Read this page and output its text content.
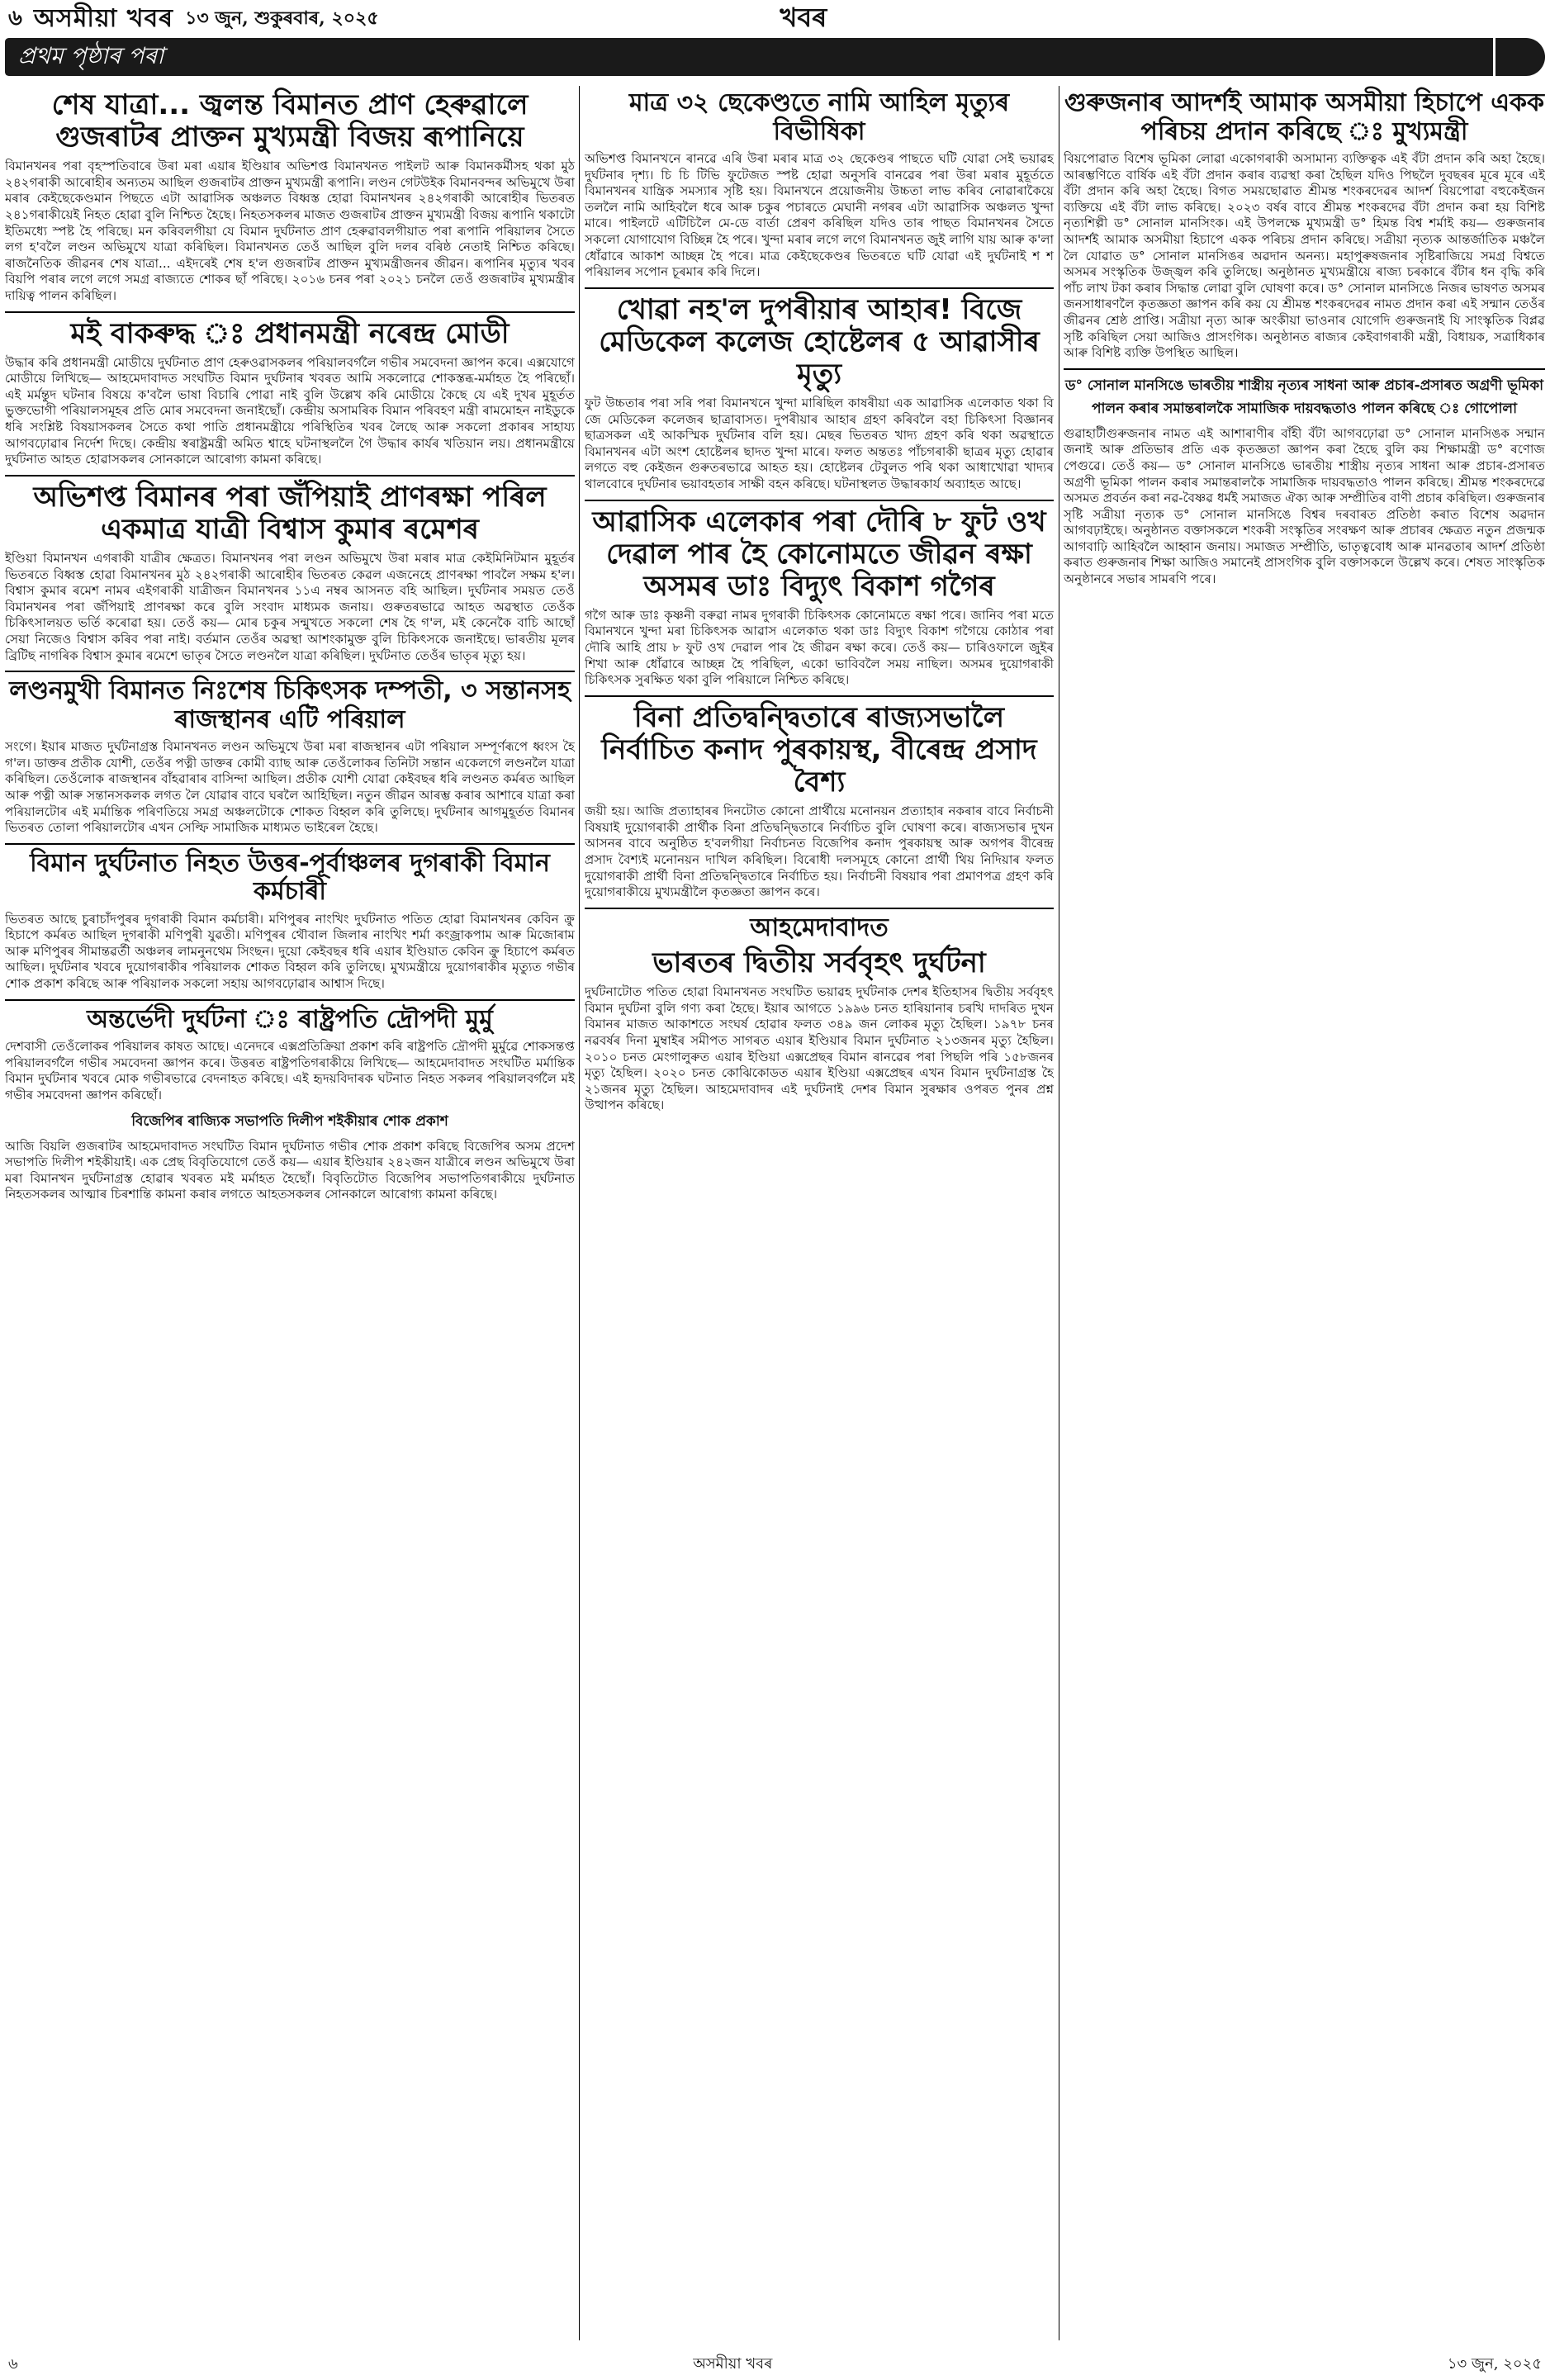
৬ অসমীয়া খবৰ ১৩ জুন, শুকুৰবাৰ, ২০২৫	খবৰ
প্ৰথম পৃষ্ঠাৰ পৰা
শেষ যাত্ৰা... জ্বলন্ত বিমানত প্ৰাণ হেৰুৱালে গুজৰাটৰ প্ৰাক্তন মুখ্যমন্ত্ৰী বিজয় ৰূপানিয়ে

বিমানখনৰ পৰা বৃহস্পতিবাৰে উৰা মৰা এয়াৰ ইণ্ডিয়াৰ অভিশপ্ত বিমানখনত পাইলট আৰু বিমানকৰ্মীসহ থকা মুঠ ২৪২গৰাকী আৰোহীৰ অন্যতম আছিল গুজৰাটৰ প্ৰাক্তন মুখ্যমন্ত্ৰী ৰূপানি। লণ্ডন গেটউইক বিমানবন্দৰ অভিমুখে উৰা মৰাৰ কেইছেকেণ্ডমান পিছতে এটা আৱাসিক অঞ্চলত বিধ্বস্ত হোৱা বিমানখনৰ ২৪২গৰাকী আৰোহীৰ ভিতৰত ২৪১গৰাকীয়েই নিহত হোৱা বুলি নিশ্চিত হৈছে। নিহতসকলৰ মাজত গুজৰাটৰ প্ৰাক্তন মুখ্যমন্ত্ৰী বিজয় ৰূপানি থকাটো ইতিমধ্যে স্পষ্ট হৈ পৰিছে। মন কৰিবলগীয়া যে বিমান দুৰ্ঘটনাত প্ৰাণ হেৰুৱাবলগীয়াত পৰা ৰূপানি পৰিয়ালৰ সৈতে লগ হ'বলৈ লণ্ডন অভিমুখে যাত্ৰা কৰিছিল। বিমানখনত তেওঁ আছিল বুলি দলৰ বৰিষ্ঠ নেতাই নিশ্চিত কৰিছে। ৰাজনৈতিক জীৱনৰ শেষ যাত্ৰা... এইদৰেই শেষ হ'ল গুজৰাটৰ প্ৰাক্তন মুখ্যমন্ত্ৰীজনৰ জীৱন। ৰূপানিৰ মৃত্যুৰ খবৰ বিয়পি পৰাৰ লগে লগে সমগ্ৰ ৰাজ্যতে শোকৰ ছাঁ পৰিছে। ২০১৬ চনৰ পৰা ২০২১ চনলৈ তেওঁ গুজৰাটৰ মুখ্যমন্ত্ৰীৰ দায়িত্ব পালন কৰিছিল।

মই বাকৰুদ্ধ ঃ প্ৰধানমন্ত্ৰী নৰেন্দ্ৰ মোডী

উদ্ধাৰ কৰি প্ৰধানমন্ত্ৰী মোডীয়ে দুৰ্ঘটনাত প্ৰাণ হেৰুওৱাসকলৰ পৰিয়ালবৰ্গলৈ গভীৰ সমবেদনা জ্ঞাপন কৰে। এক্সযোগে মোডীয়ে লিখিছে— আহমেদাবাদত সংঘটিত বিমান দুৰ্ঘটনাৰ খবৰত আমি সকলোৱে শোকস্তব্ধ-মৰ্মাহত হৈ পৰিছোঁ। এই মৰ্মন্তুদ ঘটনাৰ বিষয়ে ক'বলৈ ভাষা বিচাৰি পোৱা নাই বুলি উল্লেখ কৰি মোডীয়ে কৈছে যে এই দুখৰ মুহূৰ্তত ভুক্তভোগী পৰিয়ালসমূহৰ প্ৰতি মোৰ সমবেদনা জনাইছোঁ। কেন্দ্ৰীয় অসামৰিক বিমান পৰিবহণ মন্ত্ৰী ৰামমোহন নাইডুকে ধৰি সংশ্লিষ্ট বিষয়াসকলৰ সৈতে কথা পাতি প্ৰধানমন্ত্ৰীয়ে পৰিস্থিতিৰ খবৰ লৈছে আৰু সকলো প্ৰকাৰৰ সাহায্য আগবঢ়োৱাৰ নিৰ্দেশ দিছে। কেন্দ্ৰীয় স্বৰাষ্ট্ৰমন্ত্ৰী অমিত শ্বাহে ঘটনাস্থললৈ গৈ উদ্ধাৰ কাৰ্যৰ খতিয়ান লয়। প্ৰধানমন্ত্ৰীয়ে দুৰ্ঘটনাত আহত হোৱাসকলৰ সোনকালে আৰোগ্য কামনা কৰিছে।

অভিশপ্ত বিমানৰ পৰা জঁপিয়াই প্ৰাণৰক্ষা পৰিল একমাত্ৰ যাত্ৰী বিশ্বাস কুমাৰ ৰমেশৰ

ইণ্ডিয়া বিমানখন এগৰাকী যাত্ৰীৰ ক্ষেত্ৰত। বিমানখনৰ পৰা লণ্ডন অভিমুখে উৰা মৰাৰ মাত্ৰ কেইমিনিটমান মুহূৰ্তৰ ভিতৰতে বিধ্বস্ত হোৱা বিমানখনৰ মুঠ ২৪২গৰাকী আৰোহীৰ ভিতৰত কেৱল এজনেহে প্ৰাণৰক্ষা পাবলৈ সক্ষম হ'ল। বিশ্বাস কুমাৰ ৰমেশ নামৰ এইগৰাকী যাত্ৰীজন বিমানখনৰ ১১এ নম্বৰ আসনত বহি আছিল। দুৰ্ঘটনাৰ সময়ত তেওঁ বিমানখনৰ পৰা জঁপিয়াই প্ৰাণৰক্ষা কৰে বুলি সংবাদ মাধ্যমক জনায়। গুৰুতৰভাৱে আহত অৱস্থাত তেওঁক চিকিৎসালয়ত ভৰ্তি কৰোৱা হয়। তেওঁ কয়— মোৰ চকুৰ সন্মুখতে সকলো শেষ হৈ গ'ল, মই কেনেকৈ বাচি আছোঁ সেয়া নিজেও বিশ্বাস কৰিব পৰা নাই। বৰ্তমান তেওঁৰ অৱস্থা আশংকামুক্ত বুলি চিকিৎসকে জনাইছে। ভাৰতীয় মূলৰ ব্ৰিটিছ নাগৰিক বিশ্বাস কুমাৰ ৰমেশে ভাতৃৰ সৈতে লণ্ডনলৈ যাত্ৰা কৰিছিল। দুৰ্ঘটনাত তেওঁৰ ভাতৃৰ মৃত্যু হয়।

লণ্ডনমুখী বিমানত নিঃশেষ চিকিৎসক দম্পতী, ৩ সন্তানসহ ৰাজস্থানৰ এটি পৰিয়াল

সংগে। ইয়াৰ মাজত দুৰ্ঘটনাগ্ৰস্ত বিমানখনত লণ্ডন অভিমুখে উৰা মৰা ৰাজস্থানৰ এটা পৰিয়াল সম্পূৰ্ণৰূপে ধ্বংস হৈ গ'ল। ডাক্তৰ প্ৰতীক যোশী, তেওঁৰ পত্নী ডাক্তৰ কোমী ব্যাছ আৰু তেওঁলোকৰ তিনিটা সন্তান একেলগে লণ্ডনলৈ যাত্ৰা কৰিছিল। তেওঁলোক ৰাজস্থানৰ বাঁহৱাৰাৰ বাসিন্দা আছিল। প্ৰতীক যোশী যোৱা কেইবছৰ ধৰি লণ্ডনত কৰ্মৰত আছিল আৰু পত্নী আৰু সন্তানসকলক লগত লৈ যোৱাৰ বাবে ঘৰলৈ আহিছিল। নতুন জীৱন আৰম্ভ কৰাৰ আশাৰে যাত্ৰা কৰা পৰিয়ালটোৰ এই মৰ্মান্তিক পৰিণতিয়ে সমগ্ৰ অঞ্চলটোকে শোকত বিহ্বল কৰি তুলিছে। দুৰ্ঘটনাৰ আগমুহূৰ্তত বিমানৰ ভিতৰত তোলা পৰিয়ালটোৰ এখন সেল্ফি সামাজিক মাধ্যমত ভাইৰেল হৈছে।

বিমান দুৰ্ঘটনাত নিহত উত্তৰ-পূৰ্বাঞ্চলৰ দুগৰাকী বিমান কৰ্মচাৰী

ভিতৰত আছে চুৰাচাঁদপুৰৰ দুগৰাকী বিমান কৰ্মচাৰী। মণিপুৰৰ নাংখিং দুৰ্ঘটনাত পতিত হোৱা বিমানখনৰ কেবিন ক্ৰু হিচাপে কৰ্মৰত আছিল দুগৰাকী মণিপুৰী যুৱতী। মণিপুৰৰ থৌবাল জিলাৰ নাংখিং শৰ্মা কংজ্ৰাকপাম আৰু মিজোৰাম আৰু মণিপুৰৰ সীমান্তৱৰ্তী অঞ্চলৰ লামনুনথেম সিংছন। দুয়ো কেইবছৰ ধৰি এয়াৰ ইণ্ডিয়াত কেবিন ক্ৰু হিচাপে কৰ্মৰত আছিল। দুৰ্ঘটনাৰ খবৰে দুয়োগৰাকীৰ পৰিয়ালক শোকত বিহ্বল কৰি তুলিছে। মুখ্যমন্ত্ৰীয়ে দুয়োগৰাকীৰ মৃত্যুত গভীৰ শোক প্ৰকাশ কৰিছে আৰু পৰিয়ালক সকলো সহায় আগবঢ়োৱাৰ আশ্বাস দিছে।

অন্তৰ্ভেদী দুৰ্ঘটনা ঃ ৰাষ্ট্ৰপতি দ্ৰৌপদী মুৰ্মু

দেশবাসী তেওঁলোকৰ পৰিয়ালৰ কাষত আছে। এনেদৰে এক্সপ্ৰতিক্ৰিয়া প্ৰকাশ কৰি ৰাষ্ট্ৰপতি দ্ৰৌপদী মুৰ্মুৱে শোকসন্তপ্ত পৰিয়ালবৰ্গলৈ গভীৰ সমবেদনা জ্ঞাপন কৰে। উত্তৰত ৰাষ্ট্ৰপতিগৰাকীয়ে লিখিছে— আহমেদাবাদত সংঘটিত মৰ্মান্তিক বিমান দুৰ্ঘটনাৰ খবৰে মোক গভীৰভাৱে বেদনাহত কৰিছে। এই হৃদয়বিদাৰক ঘটনাত নিহত সকলৰ পৰিয়ালবৰ্গলৈ মই গভীৰ সমবেদনা জ্ঞাপন কৰিছোঁ।

বিজেপিৰ ৰাজ্যিক সভাপতি দিলীপ শইকীয়াৰ শোক প্ৰকাশ

আজি বিয়লি গুজৰাটৰ আহমেদাবাদত সংঘটিত বিমান দুৰ্ঘটনাত গভীৰ শোক প্ৰকাশ কৰিছে বিজেপিৰ অসম প্ৰদেশ সভাপতি দিলীপ শইকীয়াই। এক প্ৰেছ বিবৃতিযোগে তেওঁ কয়— এয়াৰ ইণ্ডিয়াৰ ২৪২জন যাত্ৰীৰে লণ্ডন অভিমুখে উৰা মৰা বিমানখন দুৰ্ঘটনাগ্ৰস্ত হোৱাৰ খবৰত মই মৰ্মাহত হৈছোঁ। বিবৃতিটোত বিজেপিৰ সভাপতিগৰাকীয়ে দুৰ্ঘটনাত নিহতসকলৰ আত্মাৰ চিৰশান্তি কামনা কৰাৰ লগতে আহতসকলৰ সোনকালে আৰোগ্য কামনা কৰিছে।

মাত্ৰ ৩২ ছেকেণ্ডতে নামি আহিল মৃত্যুৰ বিভীষিকা

অভিশপ্ত বিমানখনে ৰানৱে এৰি উৰা মৰাৰ মাত্ৰ ৩২ ছেকেণ্ডৰ পাছতে ঘটি যোৱা সেই ভয়াৱহ দুৰ্ঘটনাৰ দৃশ্য। চি চি টিভি ফুটেজত স্পষ্ট হোৱা অনুসৰি বানৱেৰ পৰা উৰা মৰাৰ মুহূৰ্ততে বিমানখনৰ যান্ত্ৰিক সমস্যাৰ সৃষ্টি হয়। বিমানখনে প্ৰয়োজনীয় উচ্চতা লাভ কৰিব নোৱাৰাকৈয়ে তললৈ নামি আহিবলৈ ধৰে আৰু চকুৰ পচাৰতে মেঘানী নগৰৰ এটা আৱাসিক অঞ্চলত খুন্দা মাৰে। পাইলটে এটিচিলৈ মে-ডে বাৰ্তা প্ৰেৰণ কৰিছিল যদিও তাৰ পাছত বিমানখনৰ সৈতে সকলো যোগাযোগ বিচ্ছিন্ন হৈ পৰে। খুন্দা মৰাৰ লগে লগে বিমানখনত জুই লাগি যায় আৰু ক'লা ধোঁৱাৰে আকাশ আচ্ছন্ন হৈ পৰে। মাত্ৰ কেইছেকেণ্ডৰ ভিতৰতে ঘটি যোৱা এই দুৰ্ঘটনাই শ শ পৰিয়ালৰ সপোন চূৰমাৰ কৰি দিলে।

খোৱা নহ'ল দুপৰীয়াৰ আহাৰ! বিজে মেডিকেল কলেজ হোষ্টেলৰ ৫ আৱাসীৰ মৃত্যু

ফুট উচ্চতাৰ পৰা সৰি পৰা বিমানখনে খুন্দা মাৰিছিল কাষৰীয়া এক আৱাসিক এলেকাত থকা বি জে মেডিকেল কলেজৰ ছাত্ৰাবাসত। দুপৰীয়াৰ আহাৰ গ্ৰহণ কৰিবলৈ বহা চিকিৎসা বিজ্ঞানৰ ছাত্ৰসকল এই আকস্মিক দুৰ্ঘটনাৰ বলি হয়। মেছৰ ভিতৰত খাদ্য গ্ৰহণ কৰি থকা অৱস্থাতে বিমানখনৰ এটা অংশ হোষ্টেলৰ ছাদত খুন্দা মাৰে। ফলত অন্ততঃ পাঁচগৰাকী ছাত্ৰৰ মৃত্যু হোৱাৰ লগতে বহু কেইজন গুৰুতৰভাৱে আহত হয়। হোষ্টেলৰ টেবুলত পৰি থকা আধাখোৱা খাদ্যৰ থালবোৰে দুৰ্ঘটনাৰ ভয়াবহতাৰ সাক্ষী বহন কৰিছে। ঘটনাস্থলত উদ্ধাৰকাৰ্য অব্যাহত আছে।

আৱাসিক এলেকাৰ পৰা দৌৰি ৮ ফুট ওখ দেৱাল পাৰ হৈ কোনোমতে জীৱন ৰক্ষা অসমৰ ডাঃ বিদ্যুৎ বিকাশ গগৈৰ

গগৈ আৰু ডাঃ কৃষ্ণনী বৰুৱা নামৰ দুগৰাকী চিকিৎসক কোনোমতে ৰক্ষা পৰে। জানিব পৰা মতে বিমানখনে খুন্দা মৰা চিকিৎসক আৱাস এলেকাত থকা ডাঃ বিদ্যুৎ বিকাশ গগৈয়ে কোঠাৰ পৰা দৌৰি আহি প্ৰায় ৮ ফুট ওখ দেৱাল পাৰ হৈ জীৱন ৰক্ষা কৰে। তেওঁ কয়— চাৰিওফালে জুইৰ শিখা আৰু ধোঁৱাৰে আচ্ছন্ন হৈ পৰিছিল, একো ভাবিবলৈ সময় নাছিল। অসমৰ দুয়োগৰাকী চিকিৎসক সুৰক্ষিত থকা বুলি পৰিয়ালে নিশ্চিত কৰিছে।

বিনা প্ৰতিদ্বন্দ্বিতাৰে ৰাজ্যসভালৈ নিৰ্বাচিত কনাদ পুৰকায়স্থ, বীৰেন্দ্ৰ প্ৰসাদ বৈশ্য

জয়ী হয়। আজি প্ৰত্যাহাৰৰ দিনটোত কোনো প্ৰাৰ্থীয়ে মনোনয়ন প্ৰত্যাহাৰ নকৰাৰ বাবে নিৰ্বাচনী বিষয়াই দুয়োগৰাকী প্ৰাৰ্থীক বিনা প্ৰতিদ্বন্দ্বিতাৰে নিৰ্বাচিত বুলি ঘোষণা কৰে। ৰাজ্যসভাৰ দুখন আসনৰ বাবে অনুষ্ঠিত হ'বলগীয়া নিৰ্বাচনত বিজেপিৰ কনাদ পুৰকায়স্থ আৰু অগপৰ বীৰেন্দ্ৰ প্ৰসাদ বৈশ্যই মনোনয়ন দাখিল কৰিছিল। বিৰোধী দলসমূহে কোনো প্ৰাৰ্থী থিয় নিদিয়াৰ ফলত দুয়োগৰাকী প্ৰাৰ্থী বিনা প্ৰতিদ্বন্দ্বিতাৰে নিৰ্বাচিত হয়। নিৰ্বাচনী বিষয়াৰ পৰা প্ৰমাণপত্ৰ গ্ৰহণ কৰি দুয়োগৰাকীয়ে মুখ্যমন্ত্ৰীলৈ কৃতজ্ঞতা জ্ঞাপন কৰে।

আহমেদাবাদত
ভাৰতৰ দ্বিতীয় সৰ্ববৃহৎ দুৰ্ঘটনা

দুৰ্ঘটনাটোত পতিত হোৱা বিমানখনত সংঘটিত ভয়াৱহ দুৰ্ঘটনাক দেশৰ ইতিহাসৰ দ্বিতীয় সৰ্ববৃহৎ বিমান দুৰ্ঘটনা বুলি গণ্য কৰা হৈছে। ইয়াৰ আগতে ১৯৯৬ চনত হাৰিয়ানাৰ চৰখি দাদৰিত দুখন বিমানৰ মাজত আকাশতে সংঘৰ্ষ হোৱাৰ ফলত ৩৪৯ জন লোকৰ মৃত্যু হৈছিল। ১৯৭৮ চনৰ নৱবৰ্ষৰ দিনা মুম্বাইৰ সমীপত সাগৰত এয়াৰ ইণ্ডিয়াৰ বিমান দুৰ্ঘটনাত ২১৩জনৰ মৃত্যু হৈছিল। ২০১০ চনত মেংগালুৰুত এয়াৰ ইণ্ডিয়া এক্সপ্ৰেছৰ বিমান ৰানৱেৰ পৰা পিছলি পৰি ১৫৮জনৰ মৃত্যু হৈছিল। ২০২০ চনত কোঝিকোডত এয়াৰ ইণ্ডিয়া এক্সপ্ৰেছৰ এখন বিমান দুৰ্ঘটনাগ্ৰস্ত হৈ ২১জনৰ মৃত্যু হৈছিল। আহমেদাবাদৰ এই দুৰ্ঘটনাই দেশৰ বিমান সুৰক্ষাৰ ওপৰত পুনৰ প্ৰশ্ন উত্থাপন কৰিছে।

গুৰুজনাৰ আদৰ্শই আমাক অসমীয়া হিচাপে একক পৰিচয় প্ৰদান কৰিছে ঃ মুখ্যমন্ত্ৰী

বিয়পোৱাত বিশেষ ভূমিকা লোৱা একোগৰাকী অসামান্য ব্যক্তিত্বক এই বঁটা প্ৰদান কৰি অহা হৈছে। আৰম্ভণিতে বাৰ্ষিক এই বঁটা প্ৰদান কৰাৰ ব্যৱস্থা কৰা হৈছিল যদিও পিছলৈ দুবছৰৰ মূৰে মূৰে এই বঁটা প্ৰদান কৰি অহা হৈছে। বিগত সময়ছোৱাত শ্ৰীমন্ত শংকৰদেৱৰ আদৰ্শ বিয়পোৱা বহুকেইজন ব্যক্তিয়ে এই বঁটা লাভ কৰিছে। ২০২৩ বৰ্ষৰ বাবে শ্ৰীমন্ত শংকৰদেৱ বঁটা প্ৰদান কৰা হয় বিশিষ্ট নৃত্যশিল্পী ড° সোনাল মানসিংক। এই উপলক্ষে মুখ্যমন্ত্ৰী ড° হিমন্ত বিশ্ব শৰ্মাই কয়— গুৰুজনাৰ আদৰ্শই আমাক অসমীয়া হিচাপে একক পৰিচয় প্ৰদান কৰিছে। সত্ৰীয়া নৃত্যক আন্তৰ্জাতিক মঞ্চলৈ লৈ যোৱাত ড° সোনাল মানসিঙৰ অৱদান অনন্য। মহাপুৰুষজনাৰ সৃষ্টিৰাজিয়ে সমগ্ৰ বিশ্বতে অসমৰ সংস্কৃতিক উজ্জ্বল কৰি তুলিছে। অনুষ্ঠানত মুখ্যমন্ত্ৰীয়ে ৰাজ্য চৰকাৰে বঁটাৰ ধন বৃদ্ধি কৰি পাঁচ লাখ টকা কৰাৰ সিদ্ধান্ত লোৱা বুলি ঘোষণা কৰে। ড° সোনাল মানসিঙে নিজৰ ভাষণত অসমৰ জনসাধাৰণলৈ কৃতজ্ঞতা জ্ঞাপন কৰি কয় যে শ্ৰীমন্ত শংকৰদেৱৰ নামত প্ৰদান কৰা এই সন্মান তেওঁৰ জীৱনৰ শ্ৰেষ্ঠ প্ৰাপ্তি। সত্ৰীয়া নৃত্য আৰু অংকীয়া ভাওনাৰ যোগেদি গুৰুজনাই যি সাংস্কৃতিক বিপ্লৱ সৃষ্টি কৰিছিল সেয়া আজিও প্ৰাসংগিক। অনুষ্ঠানত ৰাজ্যৰ কেইবাগৰাকী মন্ত্ৰী, বিধায়ক, সত্ৰাধিকাৰ আৰু বিশিষ্ট ব্যক্তি উপস্থিত আছিল।

ড° সোনাল মানসিঙে ভাৰতীয় শাস্ত্ৰীয় নৃত্যৰ সাধনা আৰু প্ৰচাৰ-প্ৰসাৰত অগ্ৰণী ভূমিকা পালন কৰাৰ সমান্তৰালকৈ সামাজিক দায়বদ্ধতাও পালন কৰিছে ঃ গোপোলা

গুৱাহাটীগুৰুজনাৰ নামত এই আশাৰাণীৰ বাঁহী বঁটা আগবঢ়োৱা ড° সোনাল মানসিঙক সন্মান জনাই আৰু প্ৰতিভাৰ প্ৰতি এক কৃতজ্ঞতা জ্ঞাপন কৰা হৈছে বুলি কয় শিক্ষামন্ত্ৰী ড° ৰণোজ পেগুৱে। তেওঁ কয়— ড° সোনাল মানসিঙে ভাৰতীয় শাস্ত্ৰীয় নৃত্যৰ সাধনা আৰু প্ৰচাৰ-প্ৰসাৰত অগ্ৰণী ভূমিকা পালন কৰাৰ সমান্তৰালকৈ সামাজিক দায়বদ্ধতাও পালন কৰিছে। শ্ৰীমন্ত শংকৰদেৱে অসমত প্ৰবৰ্তন কৰা নৱ-বৈষ্ণৱ ধৰ্মই সমাজত ঐক্য আৰু সম্প্ৰীতিৰ বাণী প্ৰচাৰ কৰিছিল। গুৰুজনাৰ সৃষ্টি সত্ৰীয়া নৃত্যক ড° সোনাল মানসিঙে বিশ্বৰ দৰবাৰত প্ৰতিষ্ঠা কৰাত বিশেষ অৱদান আগবঢ়াইছে। অনুষ্ঠানত বক্তাসকলে শংকৰী সংস্কৃতিৰ সংৰক্ষণ আৰু প্ৰচাৰৰ ক্ষেত্ৰত নতুন প্ৰজন্মক আগবাঢ়ি আহিবলৈ আহ্বান জনায়। সমাজত সম্প্ৰীতি, ভাতৃত্ববোধ আৰু মানৱতাৰ আদৰ্শ প্ৰতিষ্ঠা কৰাত গুৰুজনাৰ শিক্ষা আজিও সমানেই প্ৰাসংগিক বুলি বক্তাসকলে উল্লেখ কৰে। শেষত সাংস্কৃতিক অনুষ্ঠানৰে সভাৰ সামৰণি পৰে।

৬	অসমীয়া খবৰ	১৩ জুন, ২০২৫
